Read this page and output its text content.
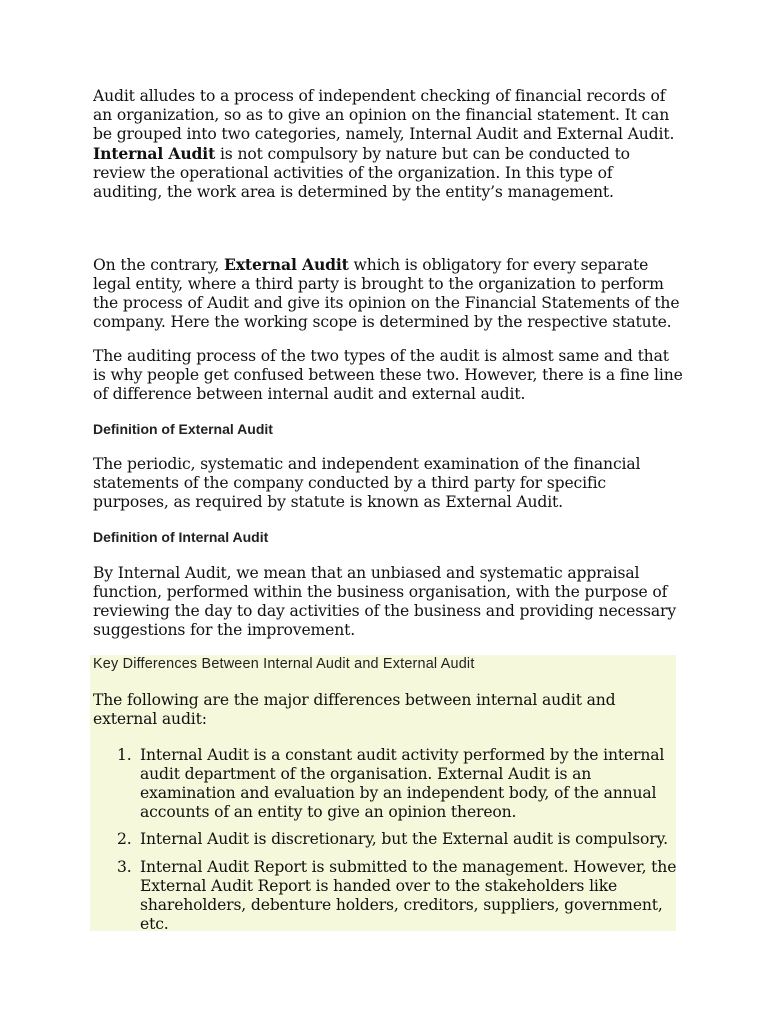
Audit alludes to a process of independent checking of financial records of an organization, so as to give an opinion on the financial statement. It can be grouped into two categories, namely, Internal Audit and External Audit. Internal Audit is not compulsory by nature but can be conducted to review the operational activities of the organization. In this type of auditing, the work area is determined by the entity’s management.

On the contrary, External Audit which is obligatory for every separate legal entity, where a third party is brought to the organization to perform the process of Audit and give its opinion on the Financial Statements of the company. Here the working scope is determined by the respective statute.

The auditing process of the two types of the audit is almost same and that is why people get confused between these two. However, there is a fine line of difference between internal audit and external audit.

Definition of External Audit

The periodic, systematic and independent examination of the financial statements of the company conducted by a third party for specific purposes, as required by statute is known as External Audit.

Definition of Internal Audit

By Internal Audit, we mean that an unbiased and systematic appraisal function, performed within the business organisation, with the purpose of reviewing the day to day activities of the business and providing necessary suggestions for the improvement.

Key Differences Between Internal Audit and External Audit

The following are the major differences between internal audit and external audit:

1. Internal Audit is a constant audit activity performed by the internal audit department of the organisation. External Audit is an examination and evaluation by an independent body, of the annual accounts of an entity to give an opinion thereon.
2. Internal Audit is discretionary, but the External audit is compulsory.
3. Internal Audit Report is submitted to the management. However, the External Audit Report is handed over to the stakeholders like shareholders, debenture holders, creditors, suppliers, government, etc.
